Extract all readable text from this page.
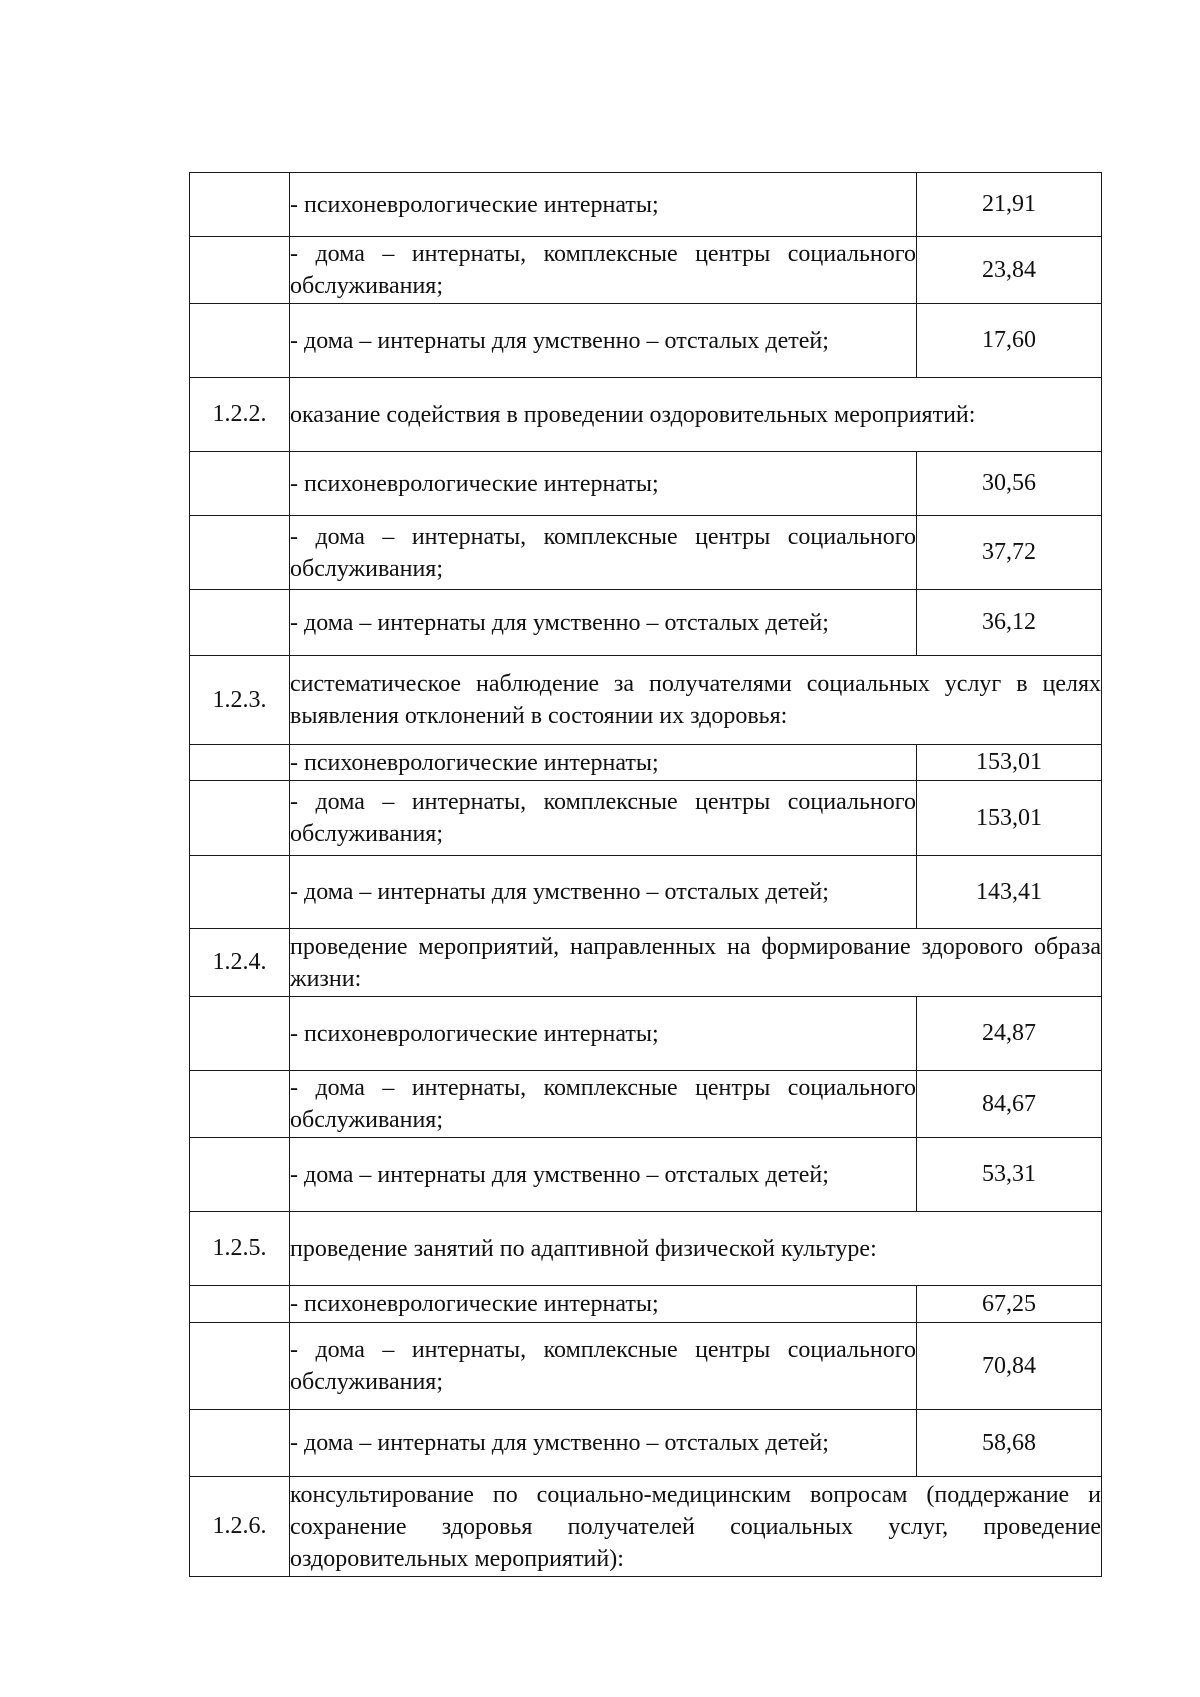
	- психоневрологические интернаты;	21,91
	- дома – интернаты, комплексные центры социального обслуживания;	23,84
	- дома – интернаты для умственно – отсталых детей;	17,60
1.2.2.	оказание содействия в проведении оздоровительных мероприятий:	
	- психоневрологические интернаты;	30,56
	- дома – интернаты, комплексные центры социального обслуживания;	37,72
	- дома – интернаты для умственно – отсталых детей;	36,12
1.2.3.	систематическое наблюдение за получателями социальных услуг в целях выявления отклонений в состоянии их здоровья:	
	- психоневрологические интернаты;	153,01
	- дома – интернаты, комплексные центры социального обслуживания;	153,01
	- дома – интернаты для умственно – отсталых детей;	143,41
1.2.4.	проведение мероприятий, направленных на формирование здорового образа жизни:	
	- психоневрологические интернаты;	24,87
	- дома – интернаты, комплексные центры социального обслуживания;	84,67
	- дома – интернаты для умственно – отсталых детей;	53,31
1.2.5.	проведение занятий по адаптивной физической культуре:	
	- психоневрологические интернаты;	67,25
	- дома – интернаты, комплексные центры социального обслуживания;	70,84
	- дома – интернаты для умственно – отсталых детей;	58,68
1.2.6.	консультирование по социально-медицинским вопросам (поддержание и сохранение здоровья получателей социальных услуг, проведение оздоровительных мероприятий):	
